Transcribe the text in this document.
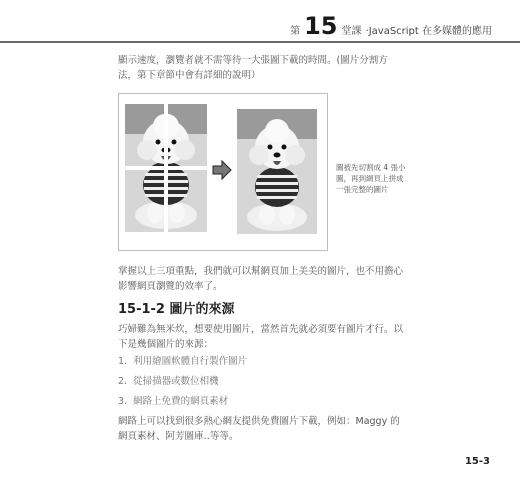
第 15 堂課 ‧JavaScript 在多媒體的應用

顯示速度，瀏覽者就不需等待一大張圖下載的時間。(圖片分割方法，第下章節中會有詳細的說明）

圖被先切割成 4 張小圖，再到網頁上拼成一張完整的圖片

掌握以上三項重點，我們就可以幫網頁加上美美的圖片，也不用擔心影響網頁瀏覽的效率了。

15-1-2 圖片的來源

巧婦難為無米炊，想要使用圖片，當然首先就必須要有圖片才行。以下是幾個圖片的來源：

1. 利用繪圖軟體自行製作圖片
2. 從掃描器或數位相機
3. 網路上免費的網頁素材

網路上可以找到很多熱心網友提供免費圖片下載，例如：Maggy 的網頁素材、阿芳圖庫‥等等。

15-3
